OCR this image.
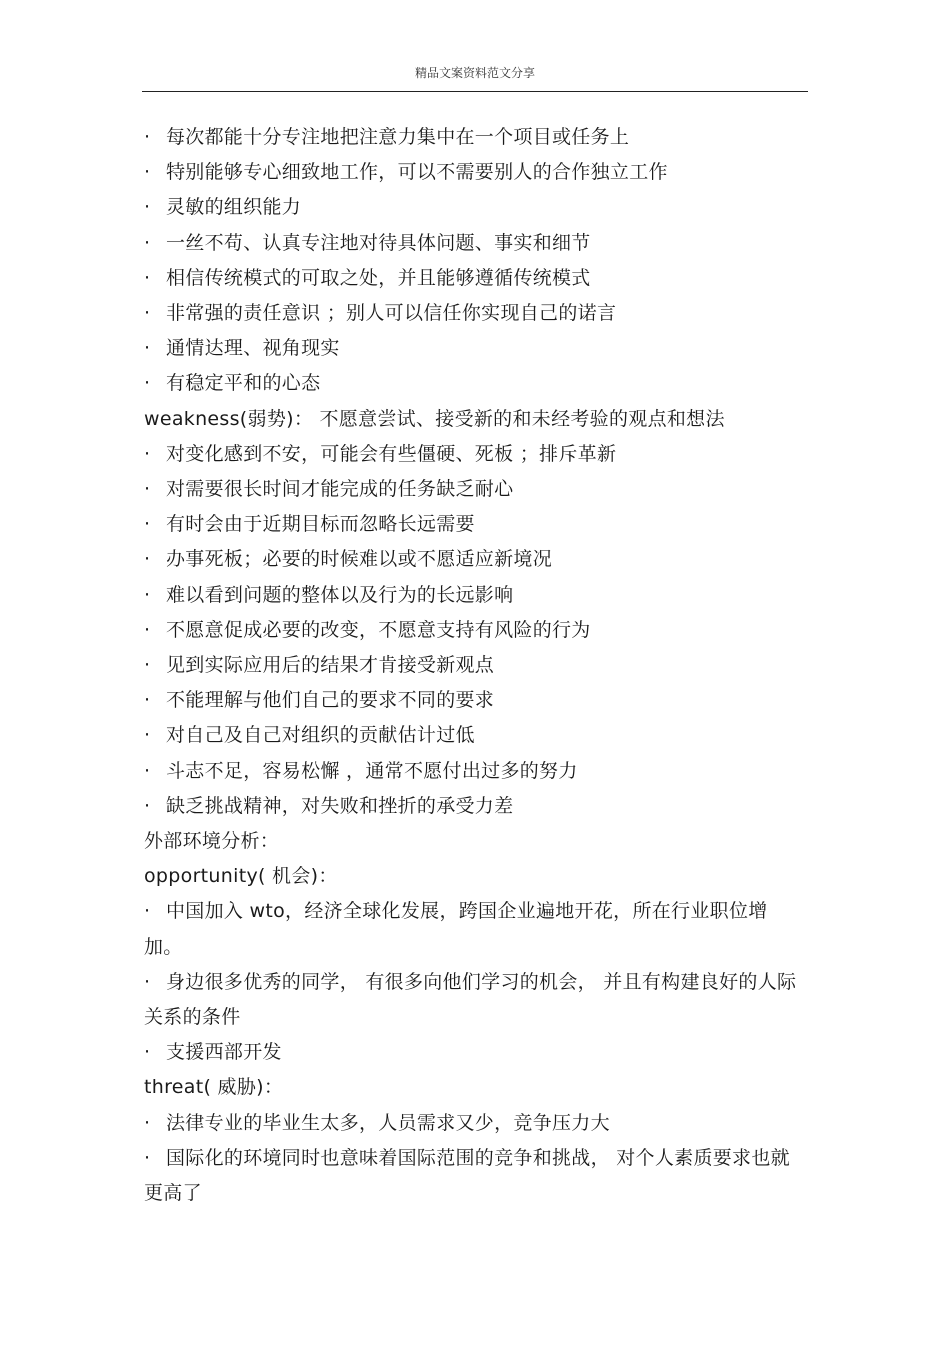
精品文案资料范文分享
· 每次都能十分专注地把注意力集中在一个项目或任务上
· 特别能够专心细致地工作，可以不需要别人的合作独立工作
· 灵敏的组织能力
· 一丝不苟、认真专注地对待具体问题、事实和细节
· 相信传统模式的可取之处，并且能够遵循传统模式
· 非常强的责任意识 ；别人可以信任你实现自己的诺言
· 通情达理、视角现实
· 有稳定平和的心态
weakness(弱势)： 不愿意尝试、接受新的和未经考验的观点和想法
· 对变化感到不安，可能会有些僵硬、死板 ；排斥革新
· 对需要很长时间才能完成的任务缺乏耐心
· 有时会由于近期目标而忽略长远需要
· 办事死板；必要的时候难以或不愿适应新境况
· 难以看到问题的整体以及行为的长远影响
· 不愿意促成必要的改变，不愿意支持有风险的行为
· 见到实际应用后的结果才肯接受新观点
· 不能理解与他们自己的要求不同的要求
· 对自己及自己对组织的贡献估计过低
· 斗志不足，容易松懈 ，通常不愿付出过多的努力
· 缺乏挑战精神，对失败和挫折的承受力差
外部环境分析：
opportunity( 机会)：
· 中国加入 wto，经济全球化发展，跨国企业遍地开花，所在行业职位增加。
· 身边很多优秀的同学， 有很多向他们学习的机会， 并且有构建良好的人际关系的条件
· 支援西部开发
threat( 威胁)：
· 法律专业的毕业生太多，人员需求又少，竞争压力大
· 国际化的环境同时也意味着国际范围的竞争和挑战， 对个人素质要求也就更高了
